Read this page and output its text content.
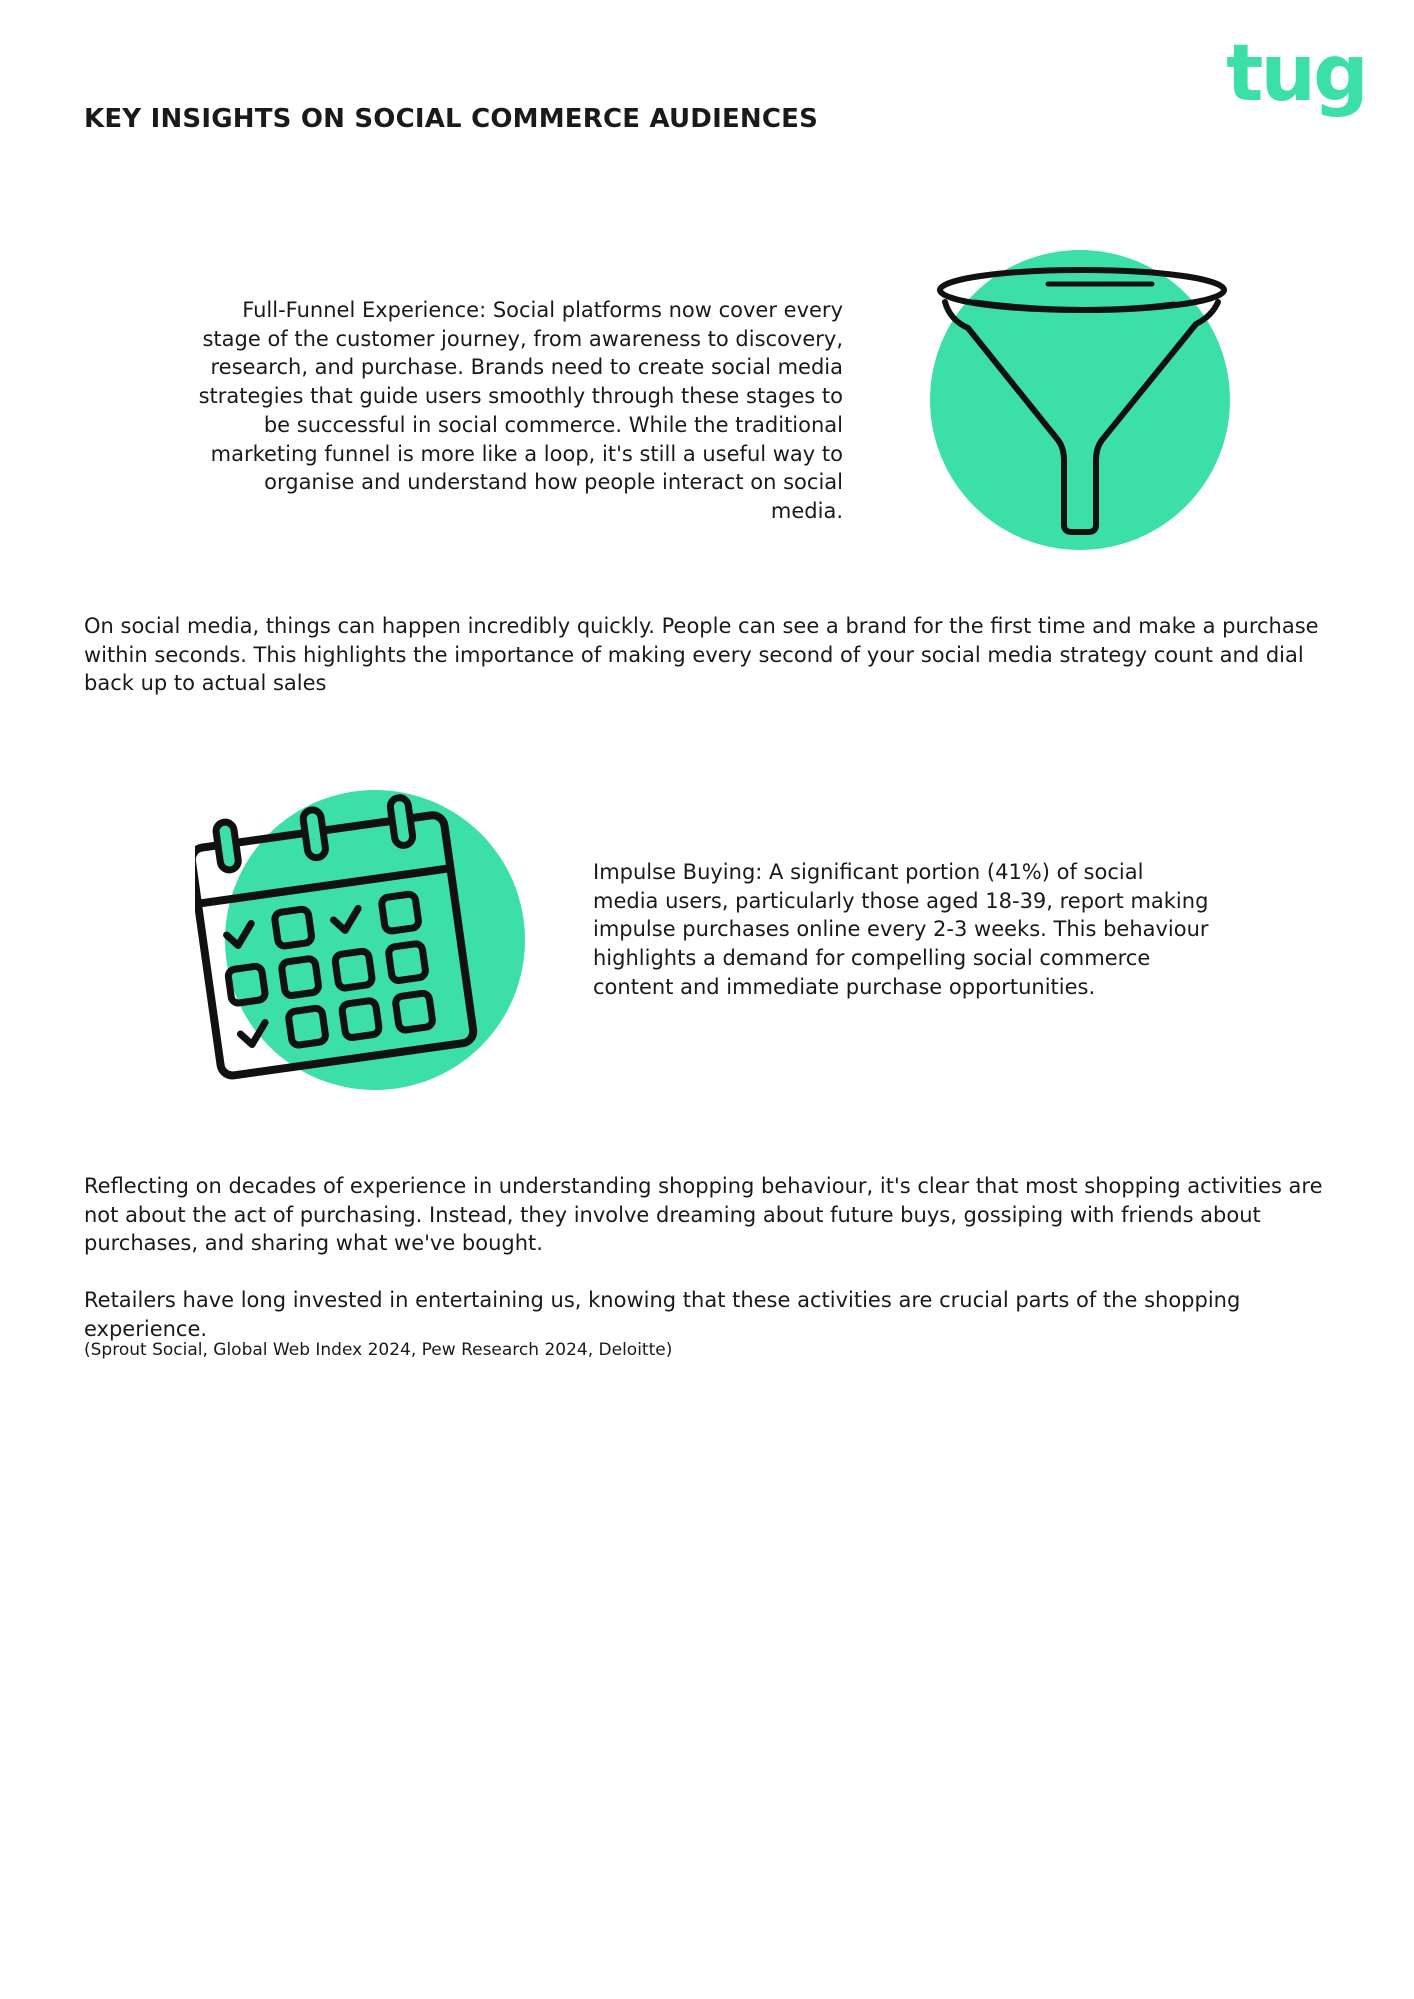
tug
KEY INSIGHTS ON SOCIAL COMMERCE AUDIENCES

Full-Funnel Experience: Social platforms now cover every stage of the customer journey, from awareness to discovery, research, and purchase. Brands need to create social media strategies that guide users smoothly through these stages to be successful in social commerce. While the traditional marketing funnel is more like a loop, it's still a useful way to organise and understand how people interact on social media.

On social media, things can happen incredibly quickly. People can see a brand for the first time and make a purchase within seconds. This highlights the importance of making every second of your social media strategy count and dial back up to actual sales

Impulse Buying: A significant portion (41%) of social media users, particularly those aged 18-39, report making impulse purchases online every 2-3 weeks. This behaviour highlights a demand for compelling social commerce content and immediate purchase opportunities.

Reflecting on decades of experience in understanding shopping behaviour, it's clear that most shopping activities are not about the act of purchasing. Instead, they involve dreaming about future buys, gossiping with friends about purchases, and sharing what we've bought.

Retailers have long invested in entertaining us, knowing that these activities are crucial parts of the shopping experience.

(Sprout Social, Global Web Index 2024, Pew Research 2024, Deloitte)
